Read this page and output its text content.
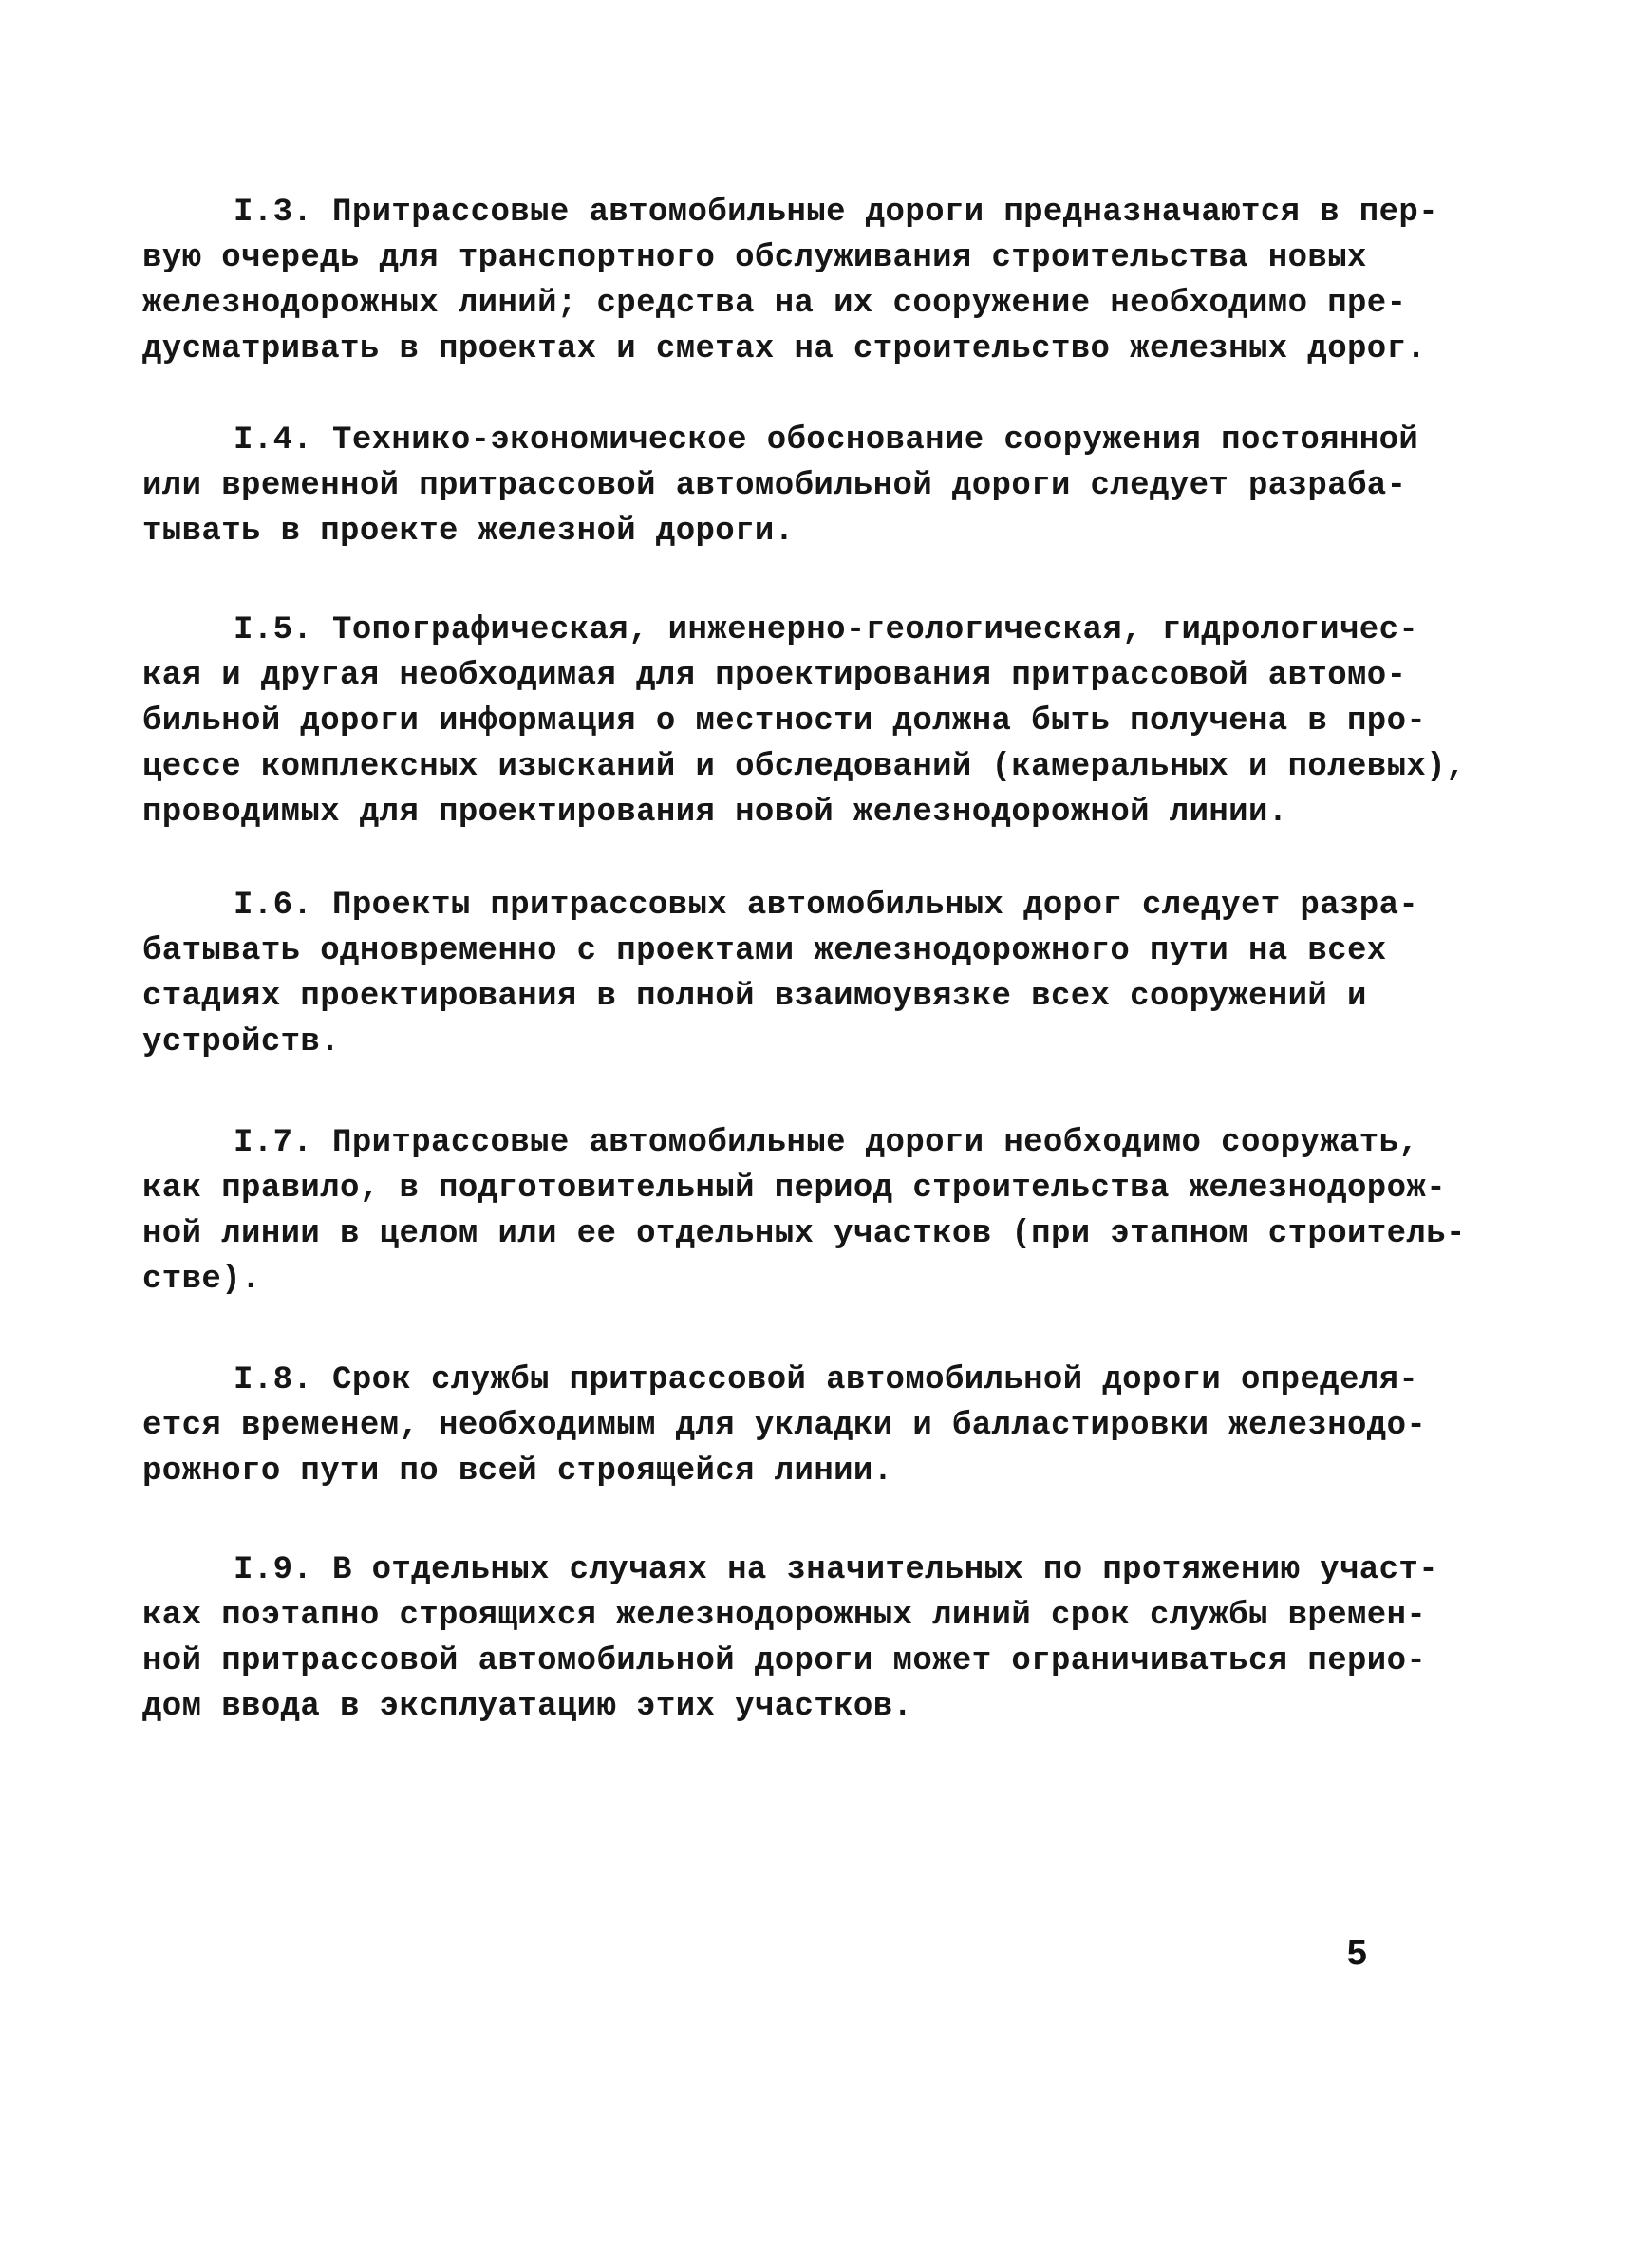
I.3. Притрассовые автомобильные дороги предназначаются в пер-
вую очередь для транспортного обслуживания строительства новых
железнодорожных линий; средства на их сооружение необходимо пре-
дусматривать в проектах и сметах на строительство железных дорог.
I.4. Технико-экономическое обоснование сооружения постоянной
или временной притрассовой автомобильной дороги следует разраба-
тывать в проекте железной дороги.
I.5. Топографическая, инженерно-геологическая, гидрологичес-
кая и другая необходимая для проектирования притрассовой автомо-
бильной дороги информация о местности должна быть получена в про-
цессе комплексных изысканий и обследований (камеральных и полевых),
проводимых для проектирования новой железнодорожной линии.
I.6. Проекты притрассовых автомобильных дорог следует разра-
батывать одновременно с проектами железнодорожного пути на всех
стадиях проектирования в полной взаимоувязке всех сооружений и
устройств.
I.7. Притрассовые автомобильные дороги необходимо сооружать,
как правило, в подготовительный период строительства железнодорож-
ной линии в целом или ее отдельных участков (при этапном строитель-
стве).
I.8. Срок службы притрассовой автомобильной дороги определя-
ется временем, необходимым для укладки и балластировки железнодо-
рожного пути по всей строящейся линии.
I.9. В отдельных случаях на значительных по протяжению участ-
ках поэтапно строящихся железнодорожных линий срок службы времен-
ной притрассовой автомобильной дороги может ограничиваться перио-
дом ввода в эксплуатацию этих участков.
5
